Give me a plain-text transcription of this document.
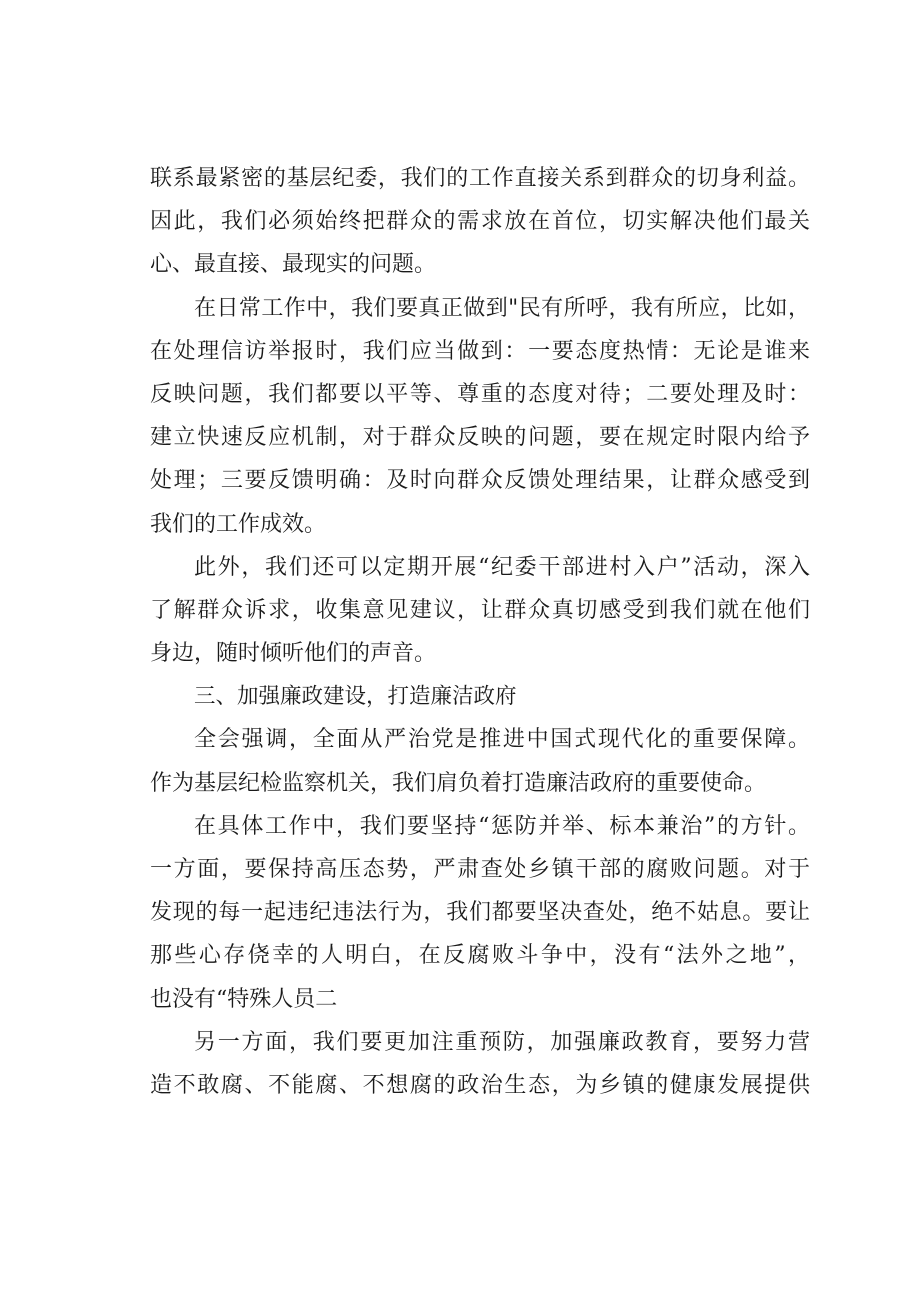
联系最紧密的基层纪委，我们的工作直接关系到群众的切身利益。
因此，我们必须始终把群众的需求放在首位，切实解决他们最关
心、最直接、最现实的问题。
在日常工作中，我们要真正做到"民有所呼，我有所应，比如，
在处理信访举报时，我们应当做到：一要态度热情：无论是谁来
反映问题，我们都要以平等、尊重的态度对待；二要处理及时：
建立快速反应机制，对于群众反映的问题，要在规定时限内给予
处理；三要反馈明确：及时向群众反馈处理结果，让群众感受到
我们的工作成效。
此外，我们还可以定期开展“纪委干部进村入户”活动，深入
了解群众诉求，收集意见建议，让群众真切感受到我们就在他们
身边，随时倾听他们的声音。
三、加强廉政建设，打造廉洁政府
全会强调，全面从严治党是推进中国式现代化的重要保障。
作为基层纪检监察机关，我们肩负着打造廉洁政府的重要使命。
在具体工作中，我们要坚持“惩防并举、标本兼治”的方针。
一方面，要保持高压态势，严肃查处乡镇干部的腐败问题。对于
发现的每一起违纪违法行为，我们都要坚决查处，绝不姑息。要让
那些心存侥幸的人明白，在反腐败斗争中，没有“法外之地”，
也没有“特殊人员二
另一方面，我们要更加注重预防，加强廉政教育，要努力营
造不敢腐、不能腐、不想腐的政治生态，为乡镇的健康发展提供
